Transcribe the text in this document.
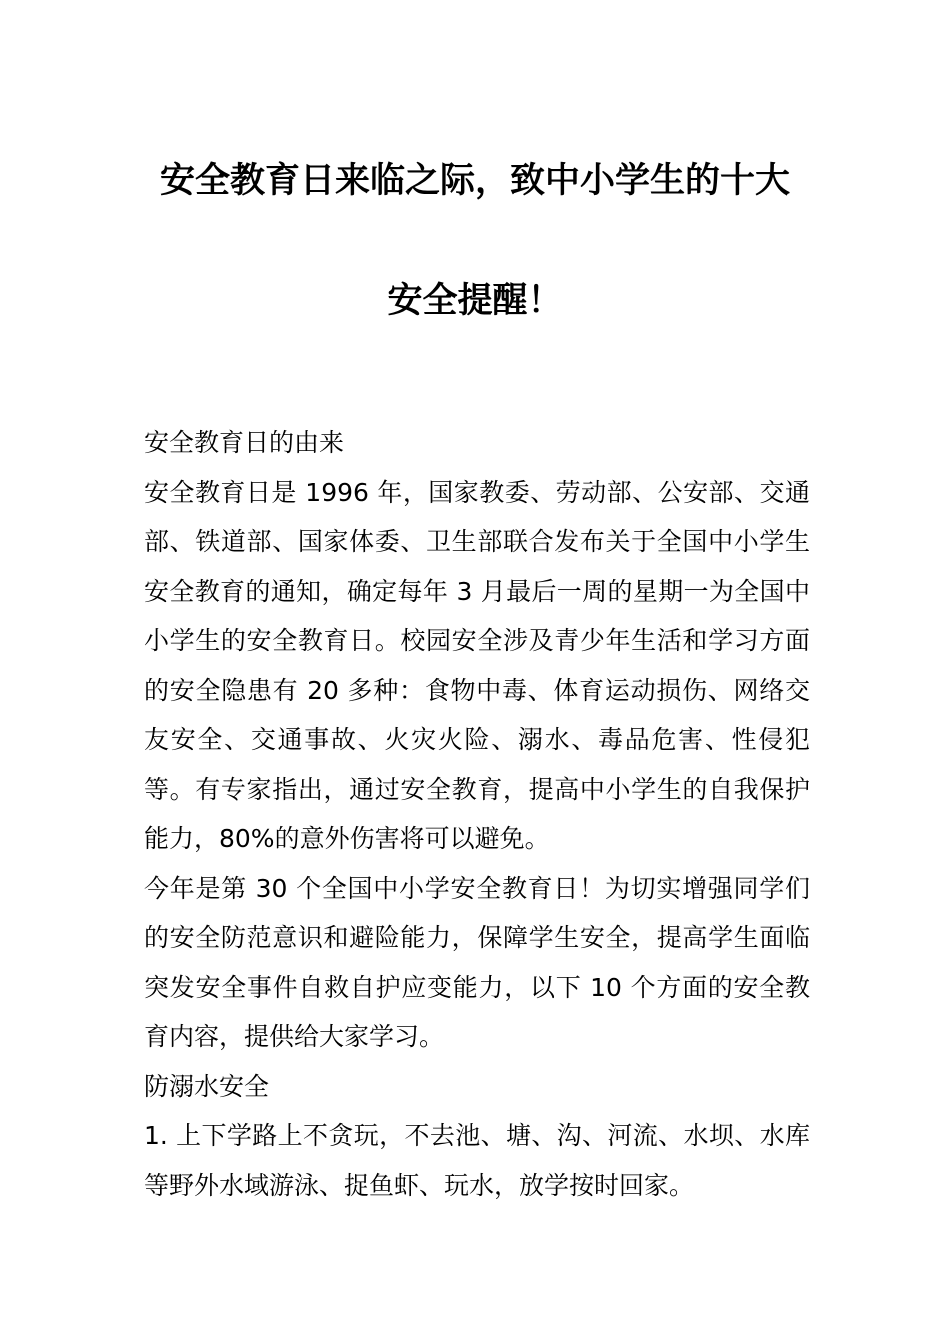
安全教育日来临之际，致中小学生的十大
安全提醒！

安全教育日的由来

安全教育日是 1996 年，国家教委、劳动部、公安部、交通部、铁道部、国家体委、卫生部联合发布关于全国中小学生安全教育的通知，确定每年 3 月最后一周的星期一为全国中小学生的安全教育日。校园安全涉及青少年生活和学习方面的安全隐患有 20 多种：食物中毒、体育运动损伤、网络交友安全、交通事故、火灾火险、溺水、毒品危害、性侵犯等。有专家指出，通过安全教育，提高中小学生的自我保护能力，80%的意外伤害将可以避免。

今年是第 30 个全国中小学安全教育日！为切实增强同学们的安全防范意识和避险能力，保障学生安全，提高学生面临突发安全事件自救自护应变能力，以下 10 个方面的安全教育内容，提供给大家学习。

防溺水安全

1. 上下学路上不贪玩，不去池、塘、沟、河流、水坝、水库等野外水域游泳、捉鱼虾、玩水，放学按时回家。
